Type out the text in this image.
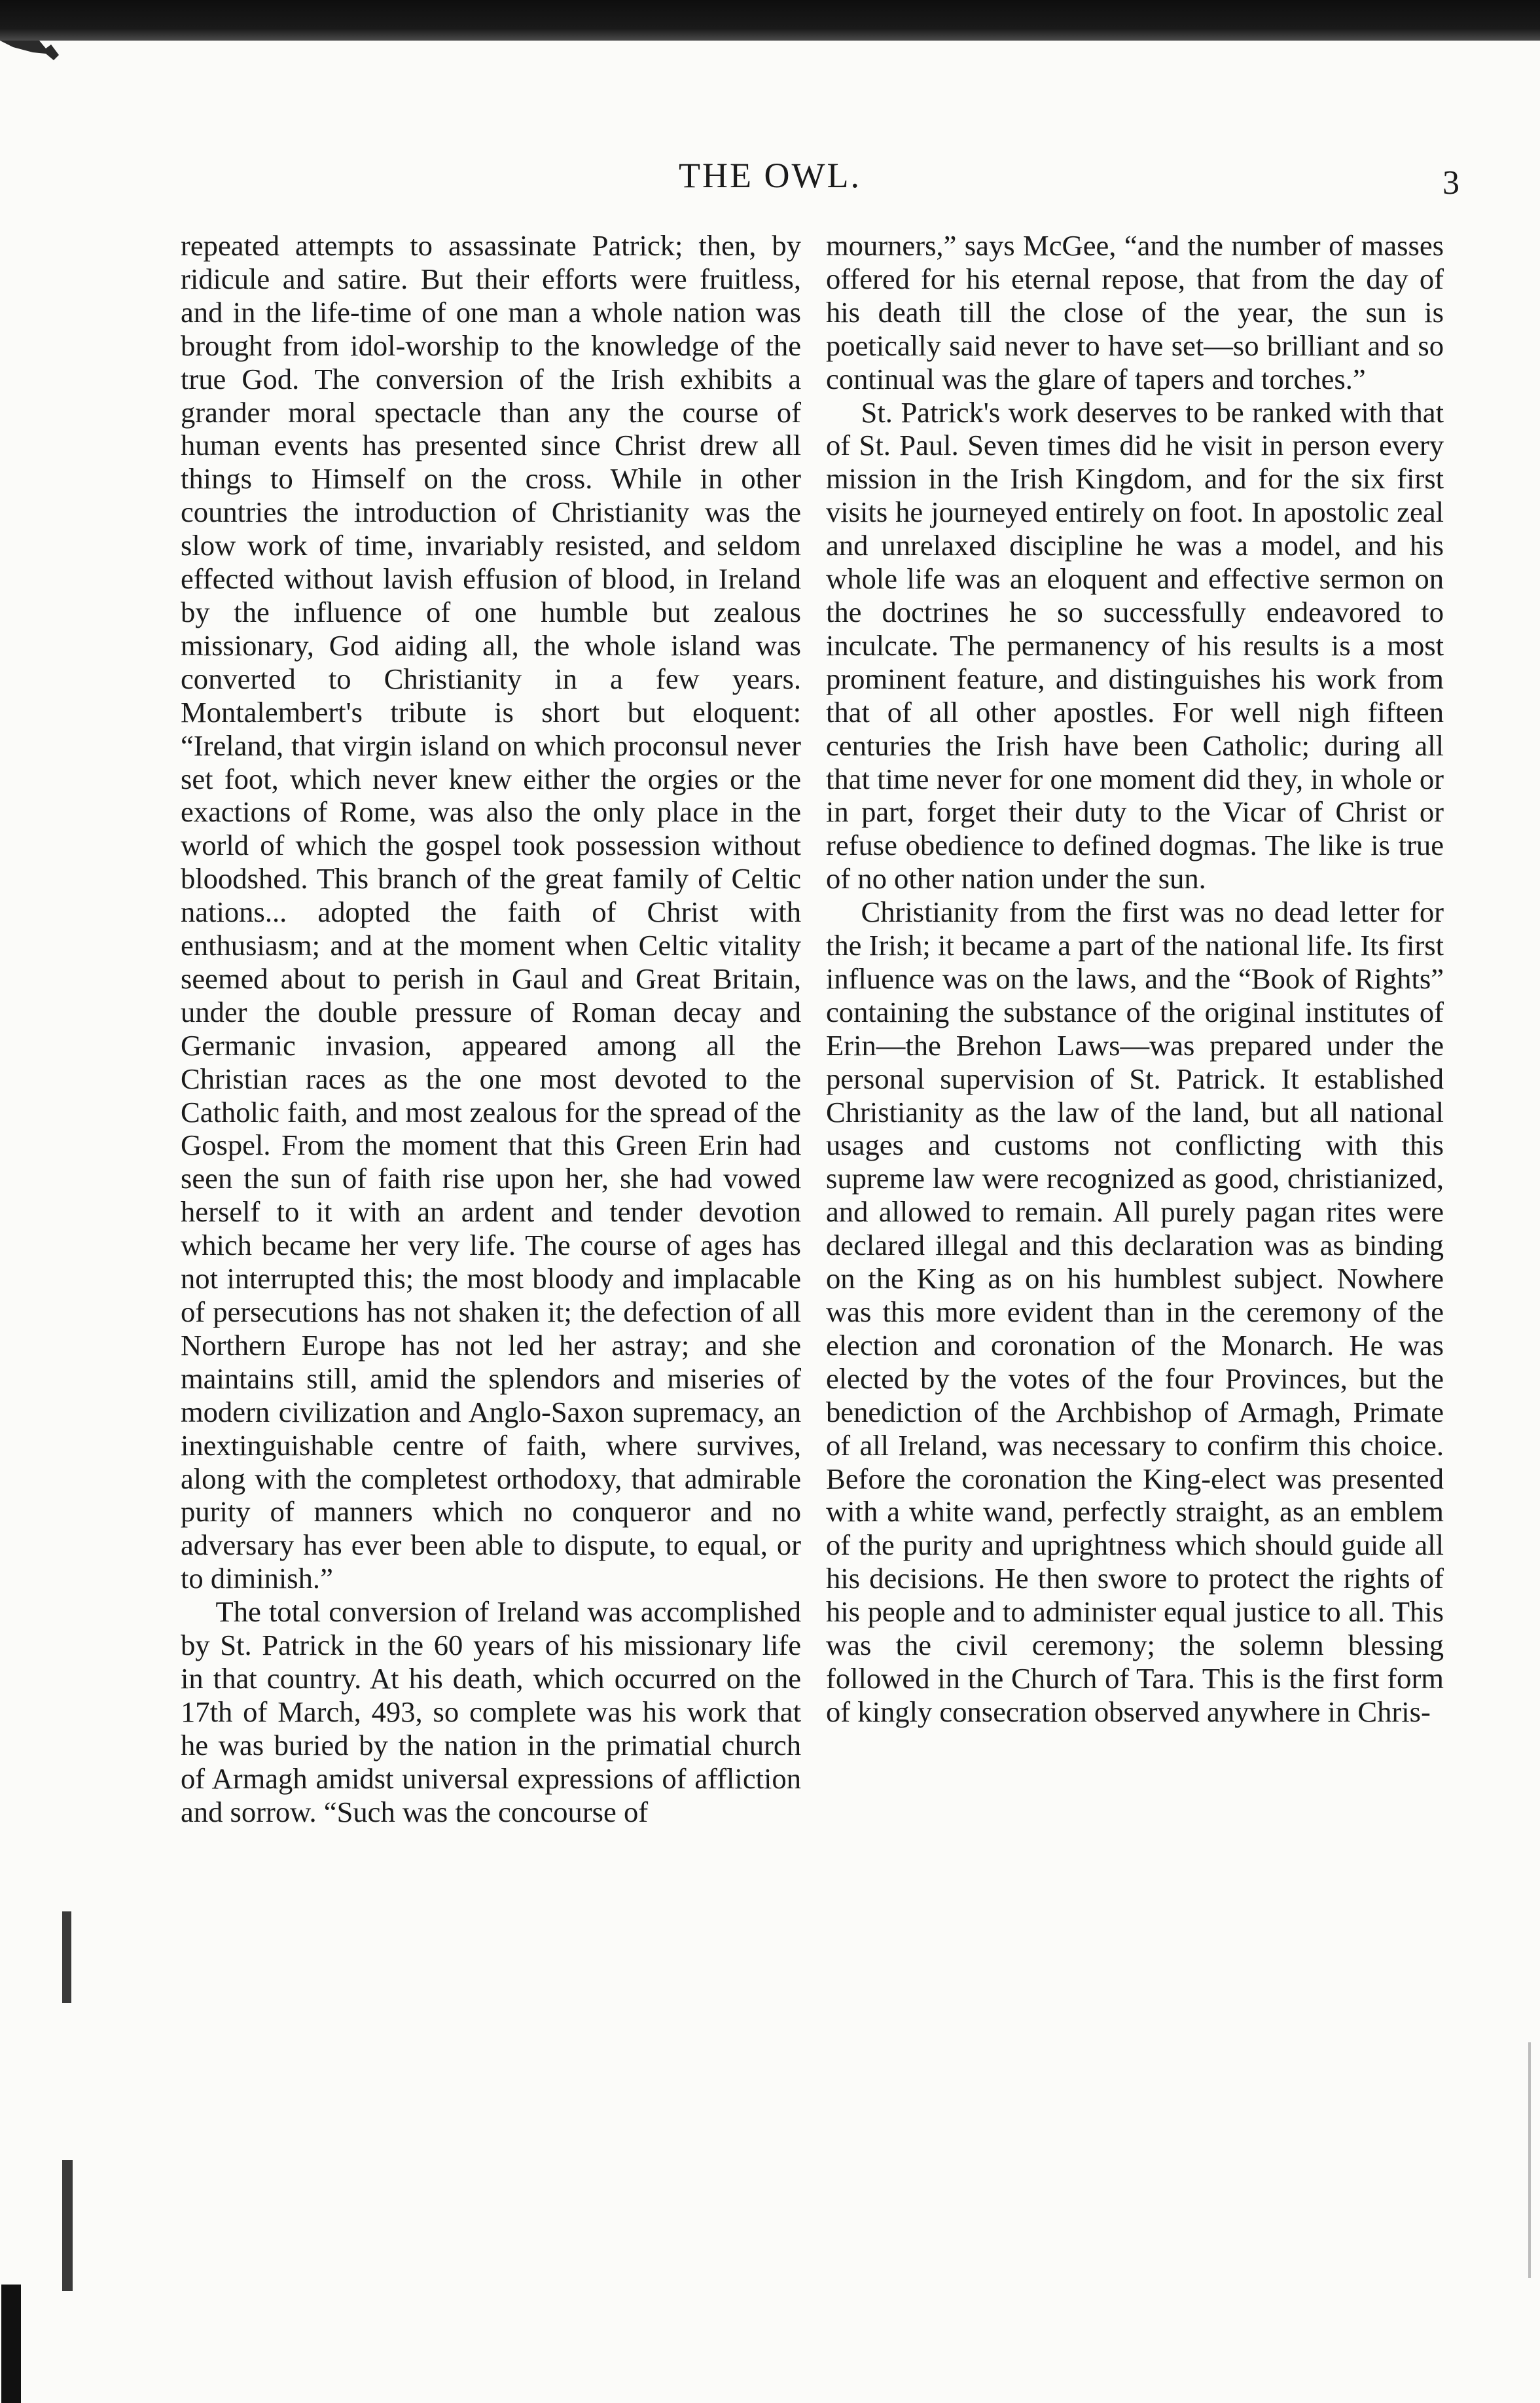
THE OWL.	3

repeated attempts to assassinate Patrick; then, by ridicule and satire. But their efforts were fruitless, and in the life-time of one man a whole nation was brought from idol-worship to the knowledge of the true God. The conversion of the Irish exhibits a grander moral spectacle than any the course of human events has presented since Christ drew all things to Himself on the cross. While in other countries the introduction of Christianity was the slow work of time, invariably resisted, and seldom effected without lavish effusion of blood, in Ireland by the influence of one humble but zealous missionary, God aiding all, the whole island was converted to Christianity in a few years. Montalembert's tribute is short but eloquent: “Ireland, that virgin island on which proconsul never set foot, which never knew either the orgies or the exactions of Rome, was also the only place in the world of which the gospel took possession without bloodshed. This branch of the great family of Celtic nations... adopted the faith of Christ with enthusiasm; and at the moment when Celtic vitality seemed about to perish in Gaul and Great Britain, under the double pressure of Roman decay and Germanic invasion, appeared among all the Christian races as the one most devoted to the Catholic faith, and most zealous for the spread of the Gospel. From the moment that this Green Erin had seen the sun of faith rise upon her, she had vowed herself to it with an ardent and tender devotion which became her very life. The course of ages has not interrupted this; the most bloody and implacable of persecutions has not shaken it; the defection of all Northern Europe has not led her astray; and she maintains still, amid the splendors and miseries of modern civilization and Anglo-Saxon supremacy, an inextinguishable centre of faith, where survives, along with the completest orthodoxy, that admirable purity of manners which no conqueror and no adversary has ever been able to dispute, to equal, or to diminish.”

The total conversion of Ireland was accomplished by St. Patrick in the 60 years of his missionary life in that country. At his death, which occurred on the 17th of March, 493, so complete was his work that he was buried by the nation in the primatial church of Armagh amidst universal expressions of affliction and sorrow. “Such was the concourse of

mourners,” says McGee, “and the number of masses offered for his eternal repose, that from the day of his death till the close of the year, the sun is poetically said never to have set—so brilliant and so continual was the glare of tapers and torches.”

St. Patrick's work deserves to be ranked with that of St. Paul. Seven times did he visit in person every mission in the Irish Kingdom, and for the six first visits he journeyed entirely on foot. In apostolic zeal and unrelaxed discipline he was a model, and his whole life was an eloquent and effective sermon on the doctrines he so successfully endeavored to inculcate. The permanency of his results is a most prominent feature, and distinguishes his work from that of all other apostles. For well nigh fifteen centuries the Irish have been Catholic; during all that time never for one moment did they, in whole or in part, forget their duty to the Vicar of Christ or refuse obedience to defined dogmas. The like is true of no other nation under the sun.

Christianity from the first was no dead letter for the Irish; it became a part of the national life. Its first influence was on the laws, and the “Book of Rights” containing the substance of the original institutes of Erin—the Brehon Laws—was prepared under the personal supervision of St. Patrick. It established Christianity as the law of the land, but all national usages and customs not conflicting with this supreme law were recognized as good, christianized, and allowed to remain. All purely pagan rites were declared illegal and this declaration was as binding on the King as on his humblest subject. Nowhere was this more evident than in the ceremony of the election and coronation of the Monarch. He was elected by the votes of the four Provinces, but the benediction of the Archbishop of Armagh, Primate of all Ireland, was necessary to confirm this choice. Before the coronation the King-elect was presented with a white wand, perfectly straight, as an emblem of the purity and uprightness which should guide all his decisions. He then swore to protect the rights of his people and to administer equal justice to all. This was the civil ceremony; the solemn blessing followed in the Church of Tara. This is the first form of kingly consecration observed anywhere in Chris-
